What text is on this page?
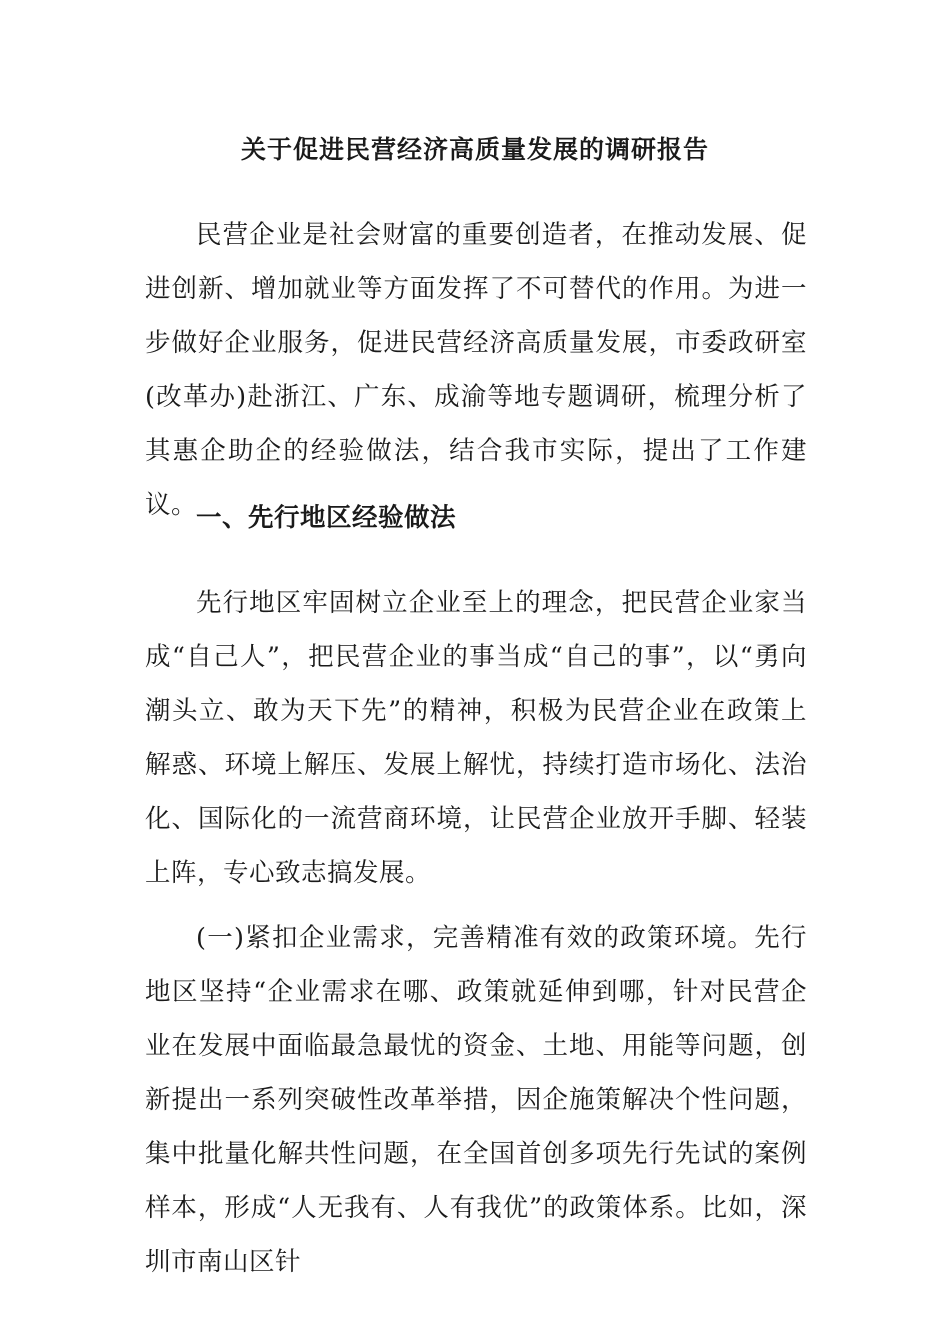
关于促进民营经济高质量发展的调研报告

民营企业是社会财富的重要创造者，在推动发展、促进创新、增加就业等方面发挥了不可替代的作用。为进一步做好企业服务，促进民营经济高质量发展，市委政研室(改革办)赴浙江、广东、成渝等地专题调研，梳理分析了其惠企助企的经验做法，结合我市实际，提出了工作建议。

一、先行地区经验做法

先行地区牢固树立企业至上的理念，把民营企业家当成“自己人”，把民营企业的事当成“自己的事”，以“勇向潮头立、敢为天下先”的精神，积极为民营企业在政策上解惑、环境上解压、发展上解忧，持续打造市场化、法治化、国际化的一流营商环境，让民营企业放开手脚、轻装上阵，专心致志搞发展。

(一)紧扣企业需求，完善精准有效的政策环境。先行地区坚持“企业需求在哪、政策就延伸到哪，针对民营企业在发展中面临最急最忧的资金、土地、用能等问题，创新提出一系列突破性改革举措，因企施策解决个性问题，集中批量化解共性问题，在全国首创多项先行先试的案例样本，形成“人无我有、人有我优”的政策体系。比如，深圳市南山区针
